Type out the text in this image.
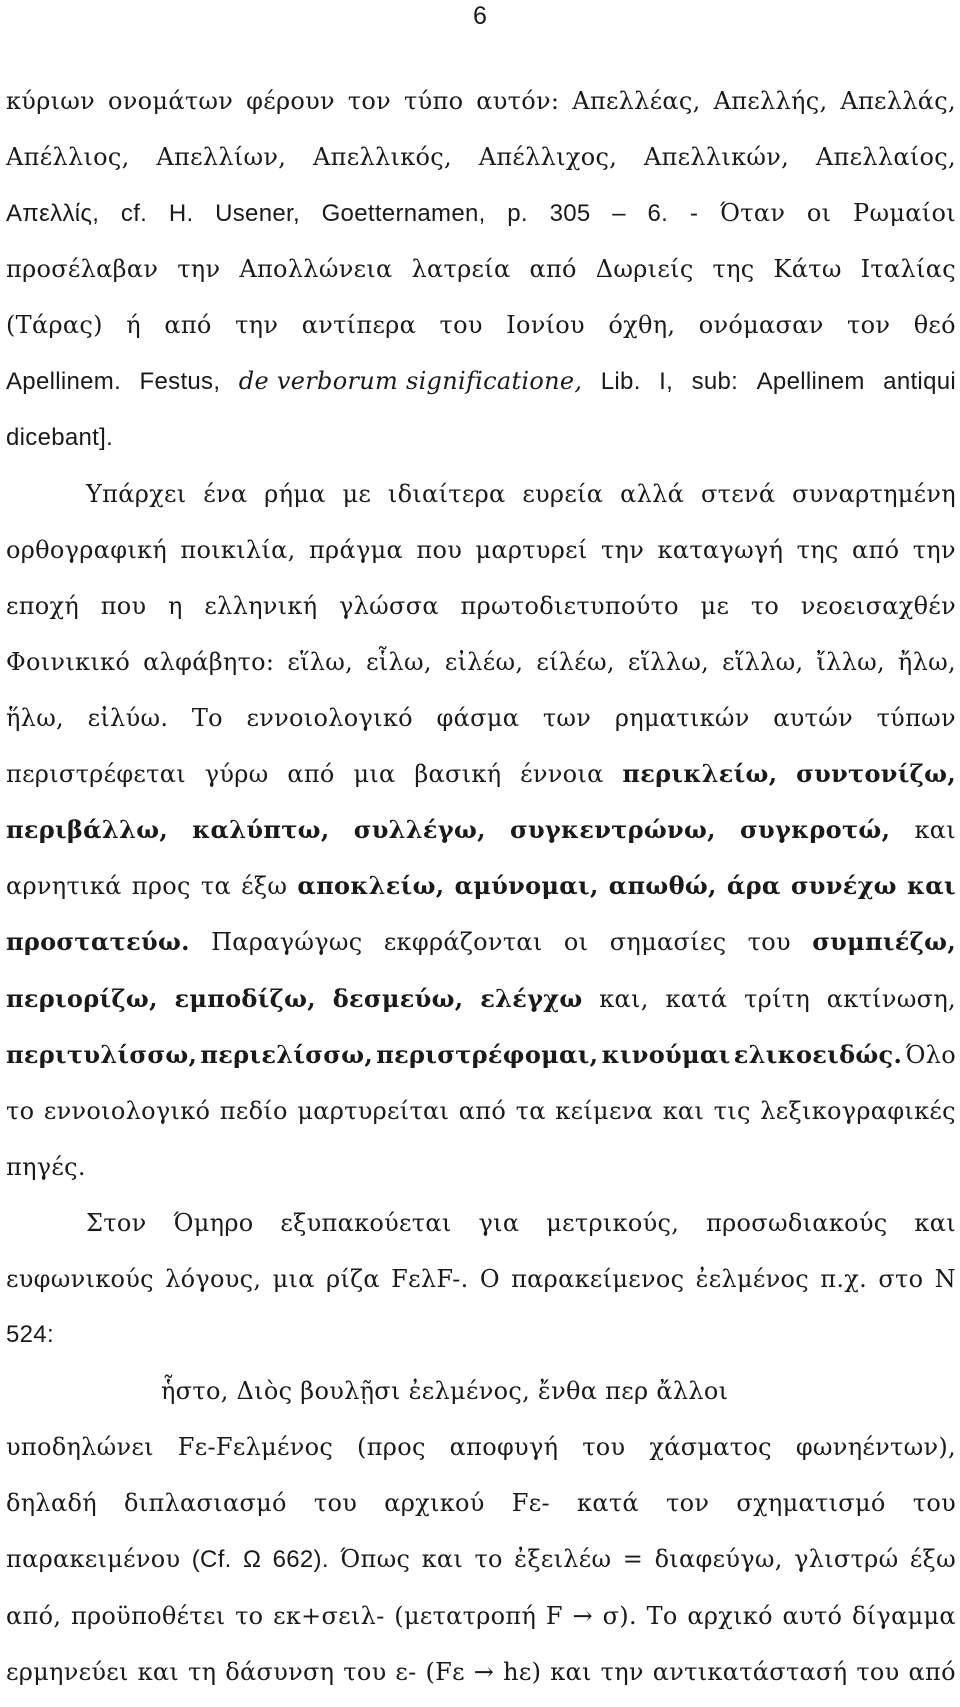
6
κύριων ονομάτων φέρουν τον τύπο αυτόν: Απελλέας, Απελλής, Απελλάς,
Απέλλιος, Απελλίων, Απελλικός, Απέλλιχος, Απελλικών, Απελλαίος,
Απελλίς, cf. H. Usener, Goetternamen, p. 305 – 6. - Όταν οι Ρωμαίοι
προσέλαβαν την Απολλώνεια λατρεία από Δωριείς της Κάτω Ιταλίας
(Τάρας) ή από την αντίπερα του Ιονίου όχθη, ονόμασαν τον θεό
Apellinem. Festus, de verborum significatione, Lib. I, sub: Apellinem antiqui
dicebant].
Υπάρχει ένα ρήμα με ιδιαίτερα ευρεία αλλά στενά συναρτημένη
ορθογραφική ποικιλία, πράγμα που μαρτυρεί την καταγωγή της από την
εποχή που η ελληνική γλώσσα πρωτοδιετυπούτο με το νεοεισαχθέν
Φοινικικό αλφάβητο: εἵλω, εἷλω, εἰλέω, είλέω, εἵλλω, εἵλλω, ἴλλω, ἤλω,
ἥλω, εἰλύω. Το εννοιολογικό φάσμα των ρηματικών αυτών τύπων
περιστρέφεται γύρω από μια βασική έννοια περικλείω, συντονίζω,
περιβάλλω, καλύπτω, συλλέγω, συγκεντρώνω, συγκροτώ, και
αρνητικά προς τα έξω αποκλείω, αμύνομαι, απωθώ, άρα συνέχω και
προστατεύω. Παραγώγως εκφράζονται οι σημασίες του συμπιέζω,
περιορίζω, εμποδίζω, δεσμεύω, ελέγχω και, κατά τρίτη ακτίνωση,
περιτυλίσσω, περιελίσσω, περιστρέφομαι, κινούμαι ελικοειδώς. Όλο
το εννοιολογικό πεδίο μαρτυρείται από τα κείμενα και τις λεξικογραφικές
πηγές.
Στον Όμηρο εξυπακούεται για μετρικούς, προσωδιακούς και
ευφωνικούς λόγους, μια ρίζα FελF-. Ο παρακείμενος ἐελμένος π.χ. στο Ν
524:
ἧστο, Διὸς βουλῇσι ἐελμένος, ἔνθα περ ἄλλοι
υποδηλώνει Fε-Fελμένος (προς αποφυγή του χάσματος φωνηέντων),
δηλαδή διπλασιασμό του αρχικού Fε- κατά τον σχηματισμό του
παρακειμένου (Cf. Ω 662). Όπως και το ἐξειλέω = διαφεύγω, γλιστρώ έξω
από, προϋποθέτει το εκ+σειλ- (μετατροπή F → σ). Το αρχικό αυτό δίγαμμα
ερμηνεύει και τη δάσυνση του ε- (Fε → hε) και την αντικατάστασή του από
